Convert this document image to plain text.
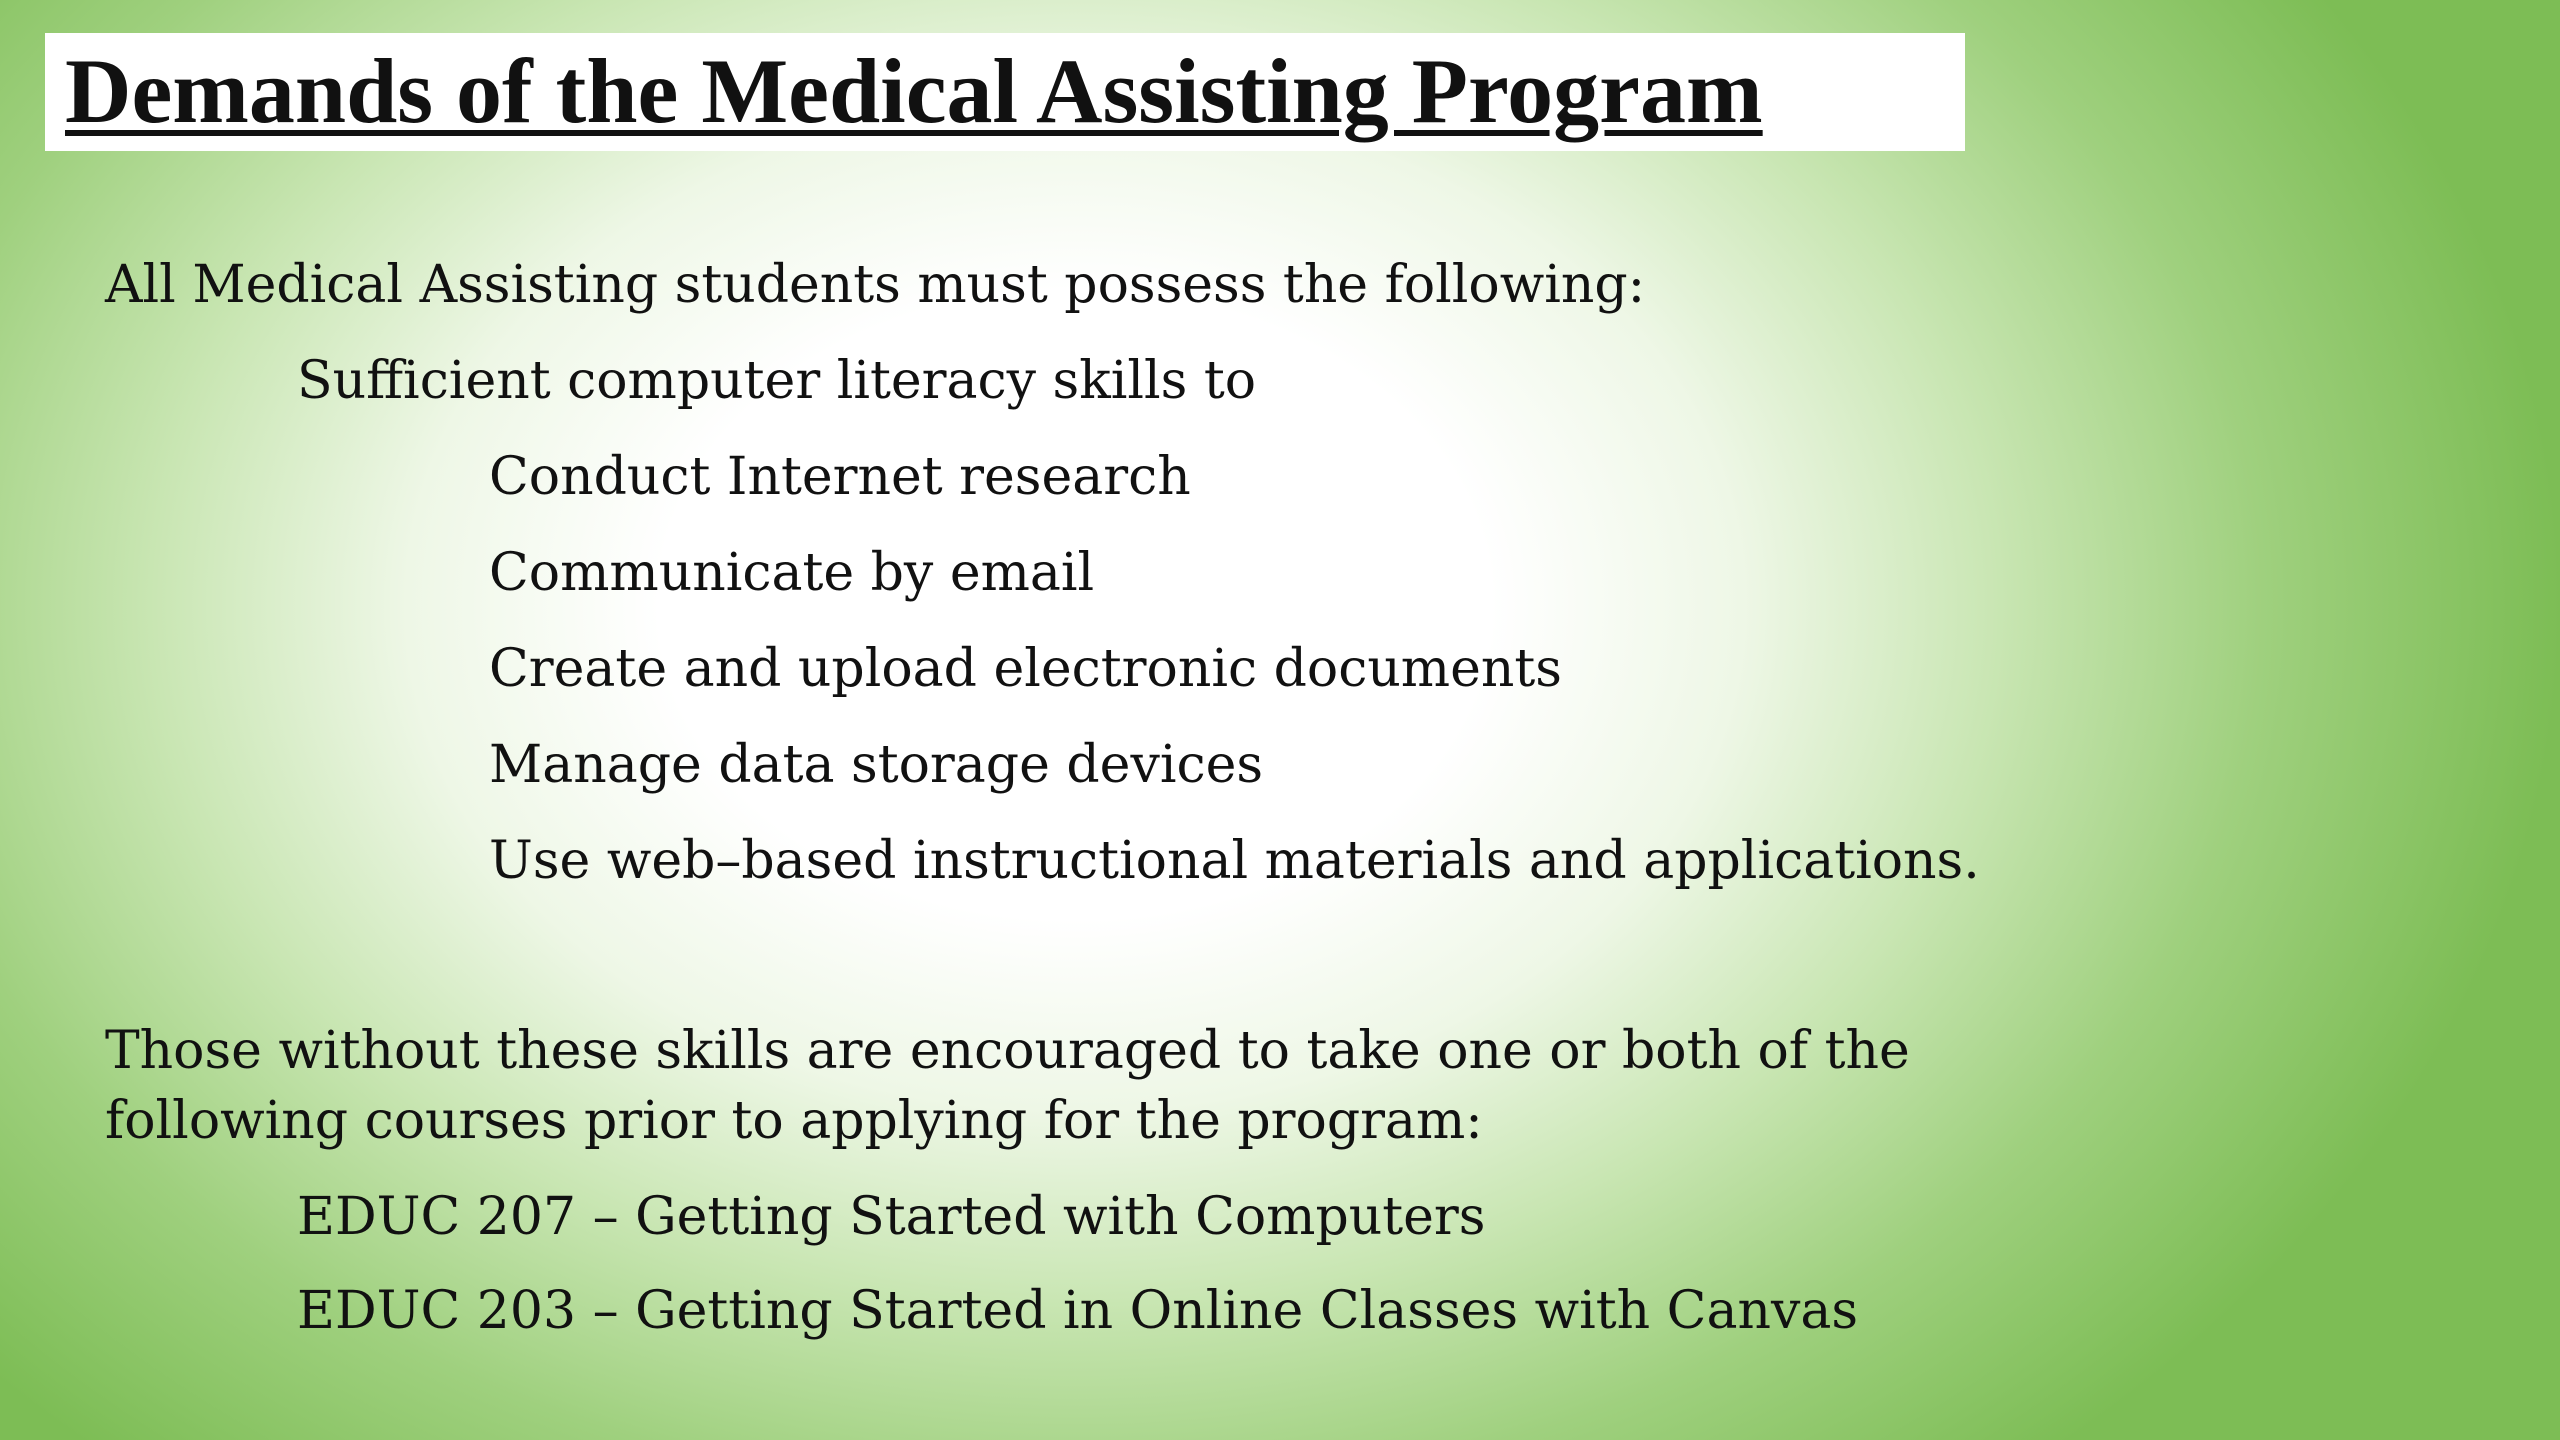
Demands of the Medical Assisting Program

All Medical Assisting students must possess the following:

Sufficient computer literacy skills to

Conduct Internet research

Communicate by email

Create and upload electronic documents

Manage data storage devices

Use web–based instructional materials and applications.

Those without these skills are encouraged to take one or both of the

following courses prior to applying for the program:

EDUC 207 – Getting Started with Computers

EDUC 203 – Getting Started in Online Classes with Canvas
